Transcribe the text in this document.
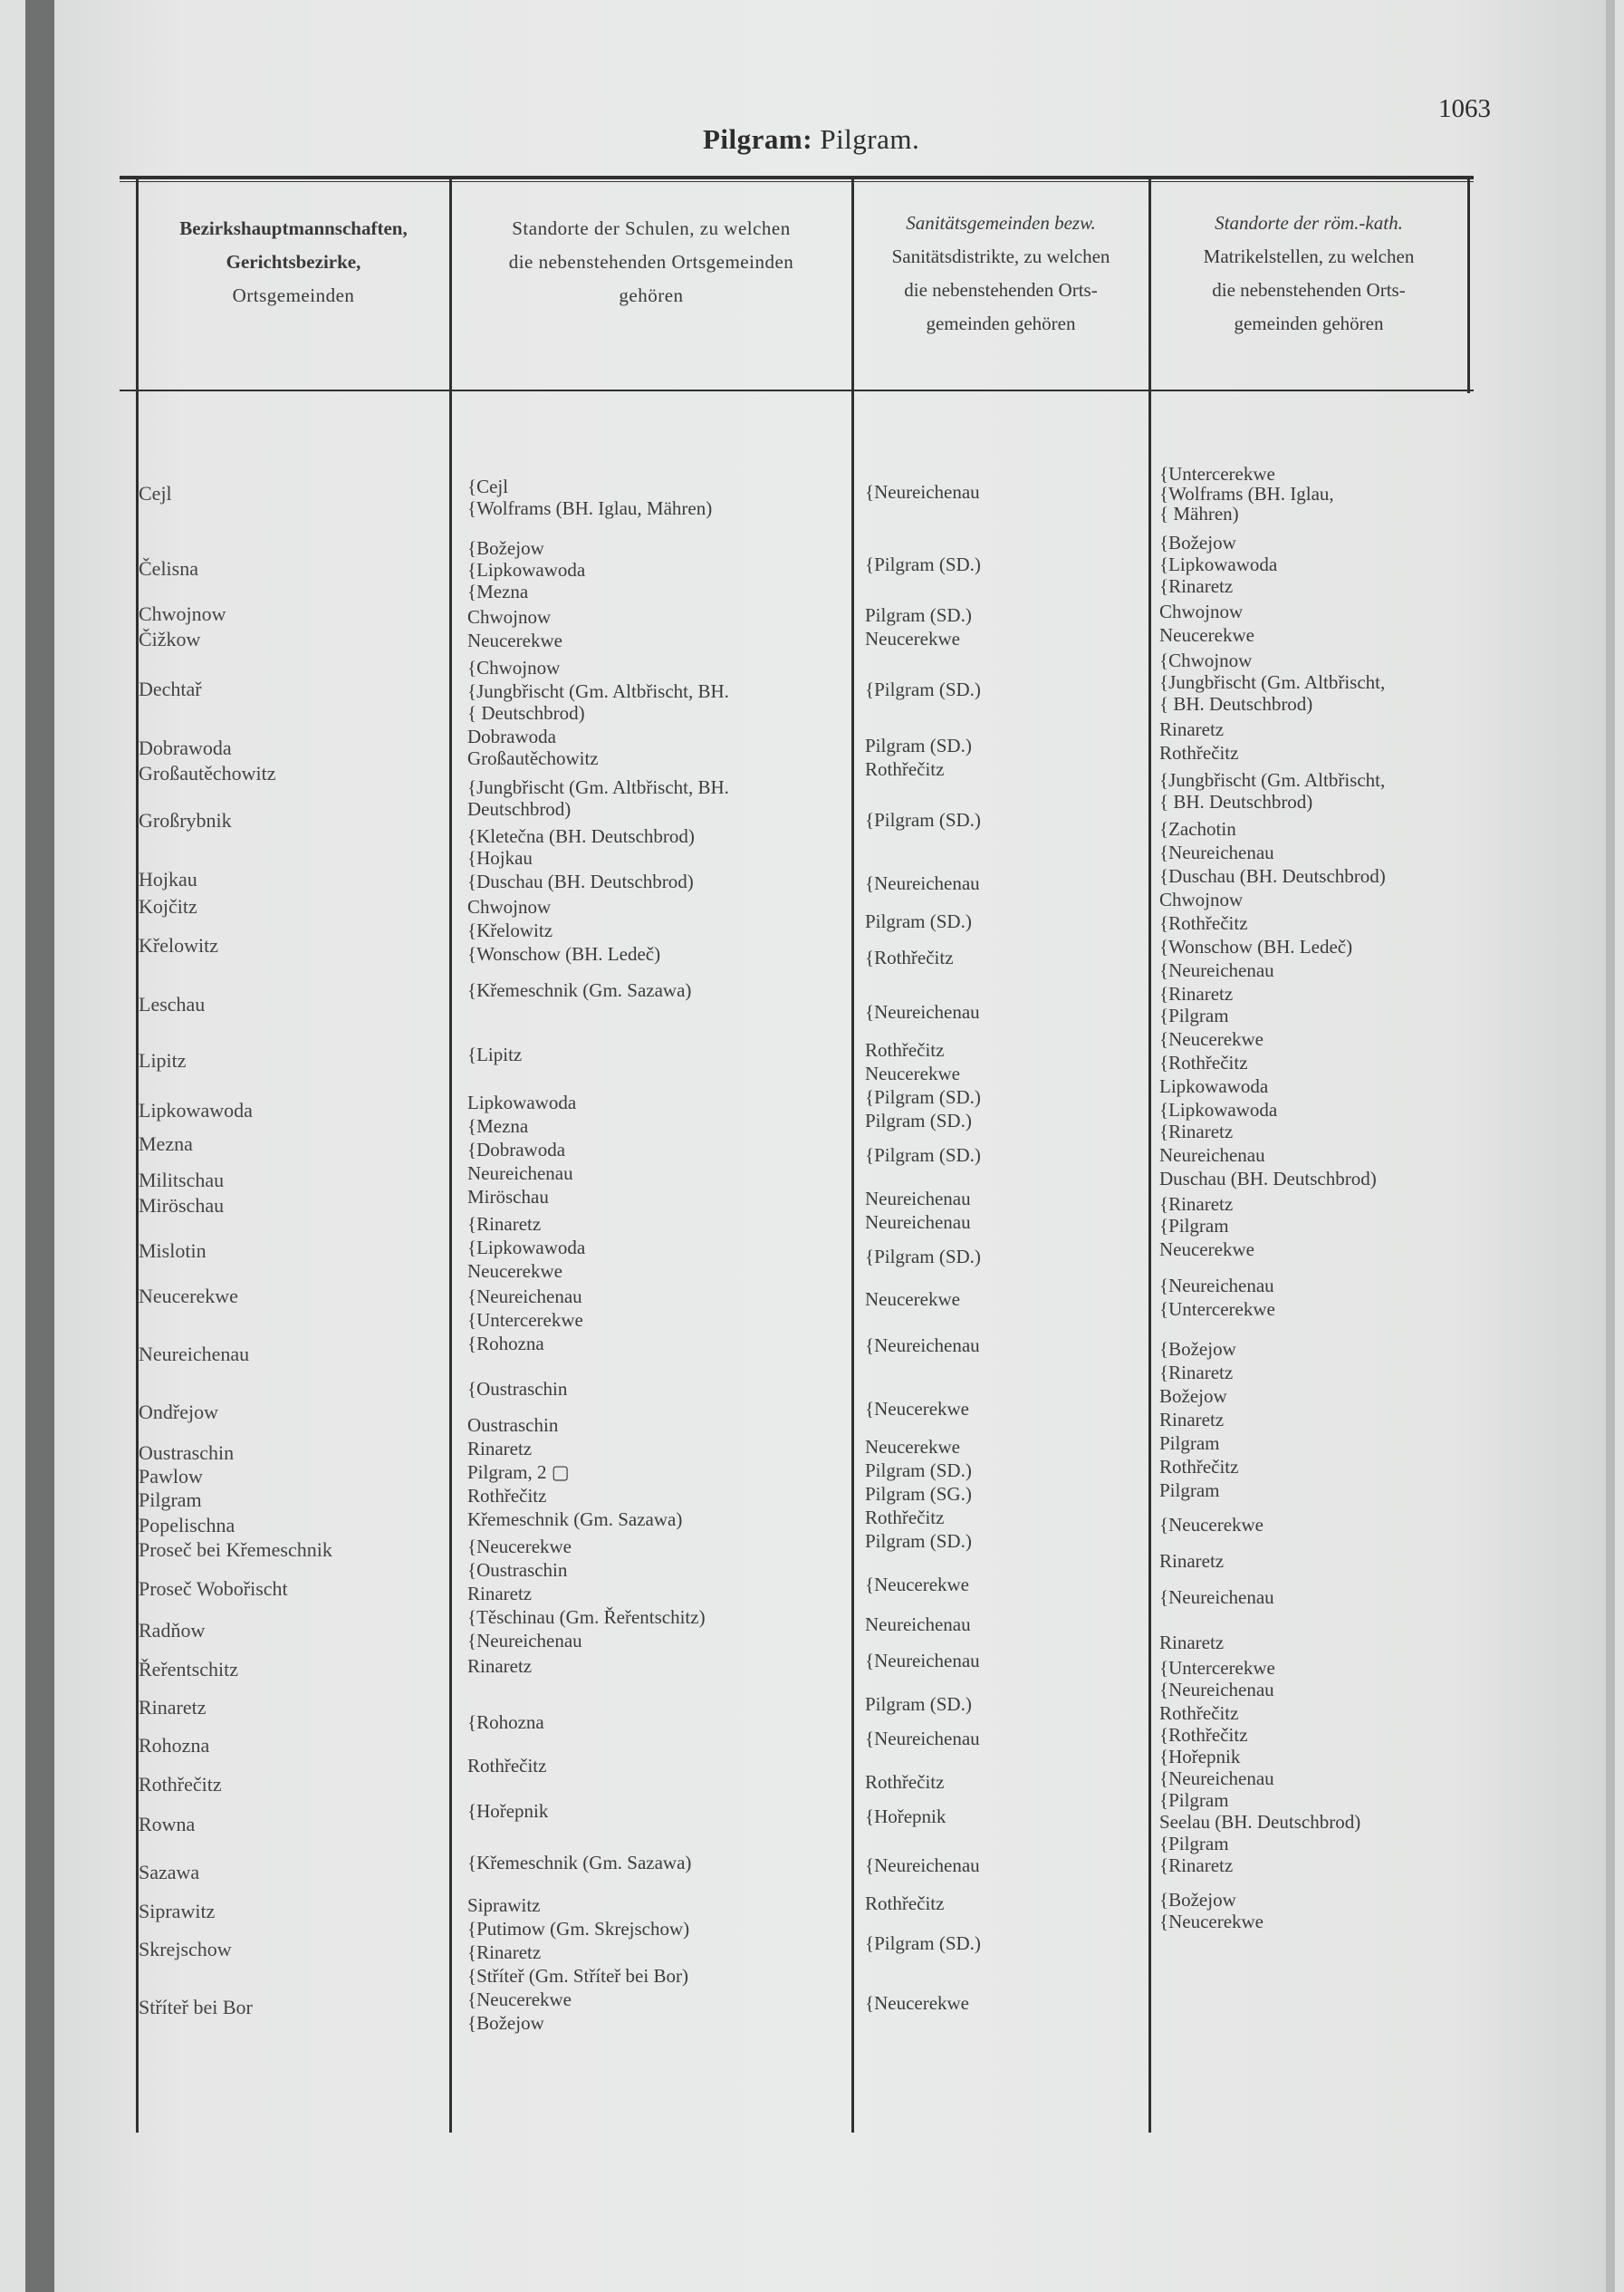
Pilgram: Pilgram.
1063
Bezirkshauptmannschaften,
Gerichtsbezirke,
Ortsgemeinden
Standorte der Schulen, zu welchen
die nebenstehenden Ortsgemeinden
gehören
Sanitätsgemeinden bezw.
Sanitätsdistrikte, zu welchen
die nebenstehenden Orts-
gemeinden gehören
Standorte der röm.-kath.
Matrikelstellen, zu welchen
die nebenstehenden Orts-
gemeinden gehören
Cejl
Čelisna
Chwojnow
Čižkow
Dechtař
Dobrawoda
Großautěchowitz
Großrybnik
Hojkau
Kojčitz
Křelowitz
Leschau
Lipitz
Lipkowawoda
Mezna
Militschau
Miröschau
Mislotin
Neucerekwe
Neureichenau
Ondřejow
Oustraschin
Pawlow
Pilgram
Popelischna
Proseč bei Křemeschnik
Proseč Wobořischt
Radňow
Řeřentschitz
Rinaretz
Rohozna
Rothřečitz
Rowna
Sazawa
Siprawitz
Skrejschow
Stříteř bei Bor
{Cejl
{Wolframs (BH. Iglau, Mähren)
{Božejow
{Lipkowawoda
{Mezna
Chwojnow
Neucerekwe
{Chwojnow
{Jungbřischt (Gm. Altbřischt, BH.
{ Deutschbrod)
Dobrawoda
Großautěchowitz
{Jungbřischt (Gm. Altbřischt, BH.
Deutschbrod)
{Kletečna (BH. Deutschbrod)
{Hojkau
{Duschau (BH. Deutschbrod)
Chwojnow
{Křelowitz
{Wonschow (BH. Ledeč)
{Křemeschnik (Gm. Sazawa)
{Lipitz
Lipkowawoda
{Mezna
{Dobrawoda
Neureichenau
Miröschau
{Rinaretz
{Lipkowawoda
Neucerekwe
{Neureichenau
{Untercerekwe
{Rohozna
{Oustraschin
Oustraschin
Rinaretz
Pilgram, 2 ▢
Rothřečitz
Křemeschnik (Gm. Sazawa)
{Neucerekwe
{Oustraschin
Rinaretz
{Těschinau (Gm. Řeřentschitz)
{Neureichenau
Rinaretz
{Rohozna
Rothřečitz
{Hořepnik
{Křemeschnik (Gm. Sazawa)
Siprawitz
{Putimow (Gm. Skrejschow)
{Rinaretz
{Stříteř (Gm. Stříteř bei Bor)
{Neucerekwe
{Božejow
{Neureichenau
{Pilgram (SD.)
Pilgram (SD.)
Neucerekwe
{Pilgram (SD.)
Pilgram (SD.)
Rothřečitz
{Pilgram (SD.)
{Neureichenau
Pilgram (SD.)
{Rothřečitz
{Neureichenau
Rothřečitz
Neucerekwe
{Pilgram (SD.)
Pilgram (SD.)
{Pilgram (SD.)
Neureichenau
Neureichenau
{Pilgram (SD.)
Neucerekwe
{Neureichenau
{Neucerekwe
Neucerekwe
Pilgram (SD.)
Pilgram (SG.)
Rothřečitz
Pilgram (SD.)
{Neucerekwe
Neureichenau
{Neureichenau
Pilgram (SD.)
{Neureichenau
Rothřečitz
{Hořepnik
{Neureichenau
Rothřečitz
{Pilgram (SD.)
{Neucerekwe
{Untercerekwe
{Wolframs (BH. Iglau,
{ Mähren)
{Božejow
{Lipkowawoda
{Rinaretz
Chwojnow
Neucerekwe
{Chwojnow
{Jungbřischt (Gm. Altbřischt,
{ BH. Deutschbrod)
Rinaretz
Rothřečitz
{Jungbřischt (Gm. Altbřischt,
{ BH. Deutschbrod)
{Zachotin
{Neureichenau
{Duschau (BH. Deutschbrod)
Chwojnow
{Rothřečitz
{Wonschow (BH. Ledeč)
{Neureichenau
{Rinaretz
{Pilgram
{Neucerekwe
{Rothřečitz
Lipkowawoda
{Lipkowawoda
{Rinaretz
Neureichenau
Duschau (BH. Deutschbrod)
{Rinaretz
{Pilgram
Neucerekwe
{Neureichenau
{Untercerekwe
{Božejow
{Rinaretz
Božejow
Rinaretz
Pilgram
Rothřečitz
Pilgram
{Neucerekwe
Rinaretz
{Neureichenau
Rinaretz
{Untercerekwe
{Neureichenau
Rothřečitz
{Rothřečitz
{Hořepnik
{Neureichenau
{Pilgram
Seelau (BH. Deutschbrod)
{Pilgram
{Rinaretz
{Božejow
{Neucerekwe
